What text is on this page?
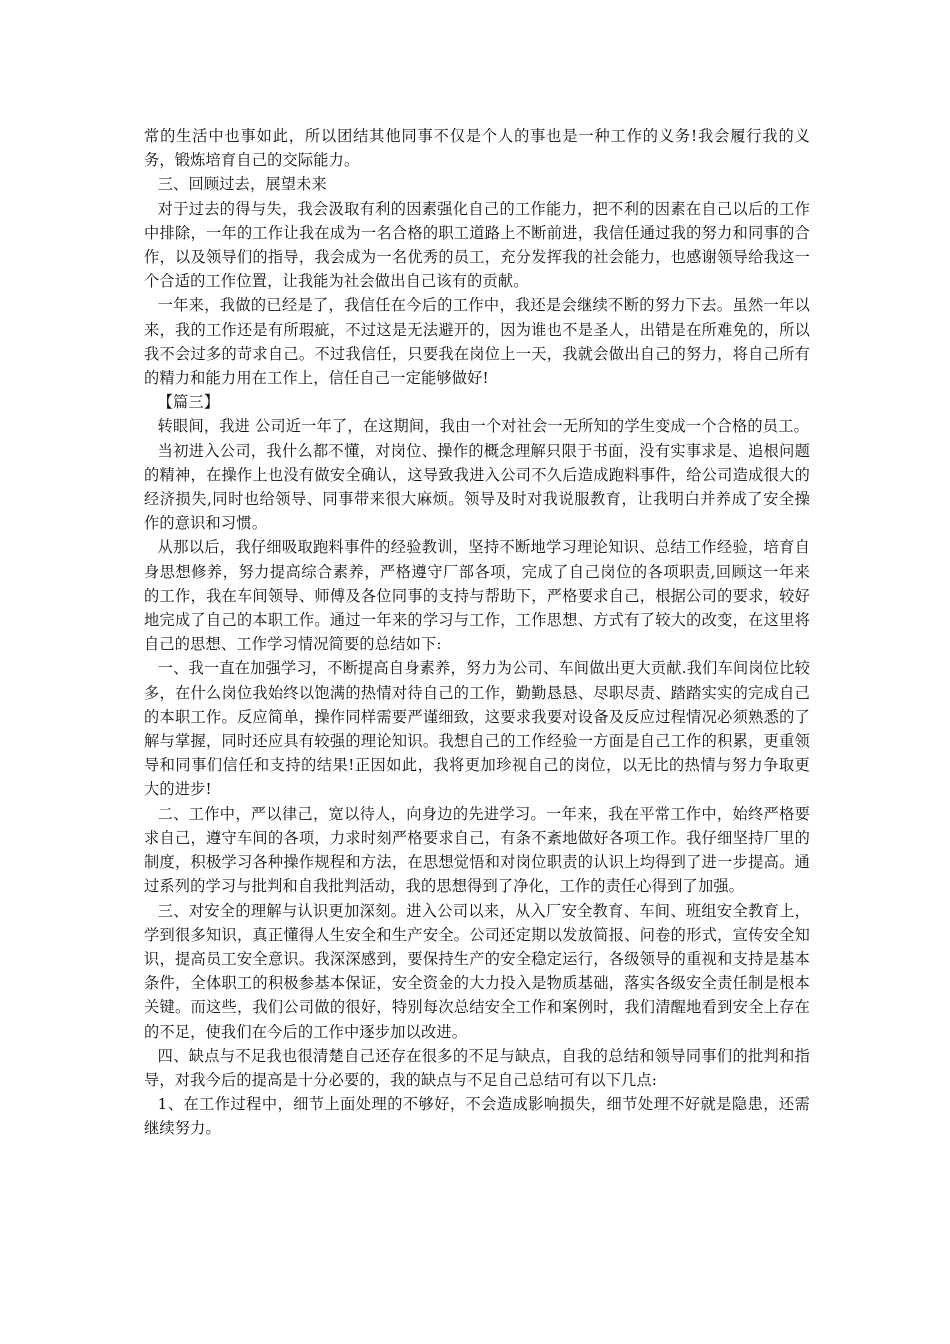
常的生活中也事如此，所以团结其他同事不仅是个人的事也是一种工作的义务!我会履行我的义务，锻炼培育自己的交际能力。

三、回顾过去，展望未来

对于过去的得与失，我会汲取有利的因素强化自己的工作能力，把不利的因素在自己以后的工作中排除，一年的工作让我在成为一名合格的职工道路上不断前进，我信任通过我的努力和同事的合作，以及领导们的指导，我会成为一名优秀的员工，充分发挥我的社会能力，也感谢领导给我这一个合适的工作位置，让我能为社会做出自己该有的贡献。

一年来，我做的已经是了，我信任在今后的工作中，我还是会继续不断的努力下去。虽然一年以来，我的工作还是有所瑕疵，不过这是无法避开的，因为谁也不是圣人，出错是在所难免的，所以我不会过多的苛求自己。不过我信任，只要我在岗位上一天，我就会做出自己的努力，将自己所有的精力和能力用在工作上，信任自己一定能够做好!

【篇三】

转眼间，我进 公司近一年了，在这期间，我由一个对社会一无所知的学生变成一个合格的员工。

当初进入公司，我什么都不懂，对岗位、操作的概念理解只限于书面，没有实事求是、追根问题的精神，在操作上也没有做安全确认，这导致我进入公司不久后造成跑料事件，给公司造成很大的经济损失,同时也给领导、同事带来很大麻烦。领导及时对我说服教育，让我明白并养成了安全操作的意识和习惯。

从那以后，我仔细吸取跑料事件的经验教训，坚持不断地学习理论知识、总结工作经验，培育自身思想修养，努力提高综合素养，严格遵守厂部各项，完成了自己岗位的各项职责,回顾这一年来的工作，我在车间领导、师傅及各位同事的支持与帮助下，严格要求自己，根据公司的要求，较好地完成了自己的本职工作。通过一年来的学习与工作，工作思想、方式有了较大的改变，在这里将自己的思想、工作学习情况简要的总结如下:

一、我一直在加强学习，不断提高自身素养，努力为公司、车间做出更大贡献.我们车间岗位比较多，在什么岗位我始终以饱满的热情对待自己的工作，勤勤恳恳、尽职尽责、踏踏实实的完成自己的本职工作。反应简单，操作同样需要严谨细致，这要求我要对设备及反应过程情况必须熟悉的了解与掌握，同时还应具有较强的理论知识。我想自己的工作经验一方面是自己工作的积累，更重领导和同事们信任和支持的结果!正因如此，我将更加珍视自己的岗位，以无比的热情与努力争取更大的进步!

二、工作中，严以律己，宽以待人，向身边的先进学习。一年来，我在平常工作中，始终严格要求自己，遵守车间的各项，力求时刻严格要求自己，有条不紊地做好各项工作。我仔细坚持厂里的制度，积极学习各种操作规程和方法，在思想觉悟和对岗位职责的认识上均得到了进一步提高。通过系列的学习与批判和自我批判活动，我的思想得到了净化，工作的责任心得到了加强。

三、对安全的理解与认识更加深刻。进入公司以来，从入厂安全教育、车间、班组安全教育上，学到很多知识，真正懂得人生安全和生产安全。公司还定期以发放简报、问卷的形式，宣传安全知识，提高员工安全意识。我深深感到，要保持生产的安全稳定运行，各级领导的重视和支持是基本条件，全体职工的积极参基本保证，安全资金的大力投入是物质基础，落实各级安全责任制是根本关键。而这些，我们公司做的很好，特别每次总结安全工作和案例时，我们清醒地看到安全上存在的不足，使我们在今后的工作中逐步加以改进。

四、缺点与不足我也很清楚自己还存在很多的不足与缺点，自我的总结和领导同事们的批判和指导，对我今后的提高是十分必要的，我的缺点与不足自己总结可有以下几点:

1、在工作过程中，细节上面处理的不够好，不会造成影响损失，细节处理不好就是隐患，还需继续努力。
